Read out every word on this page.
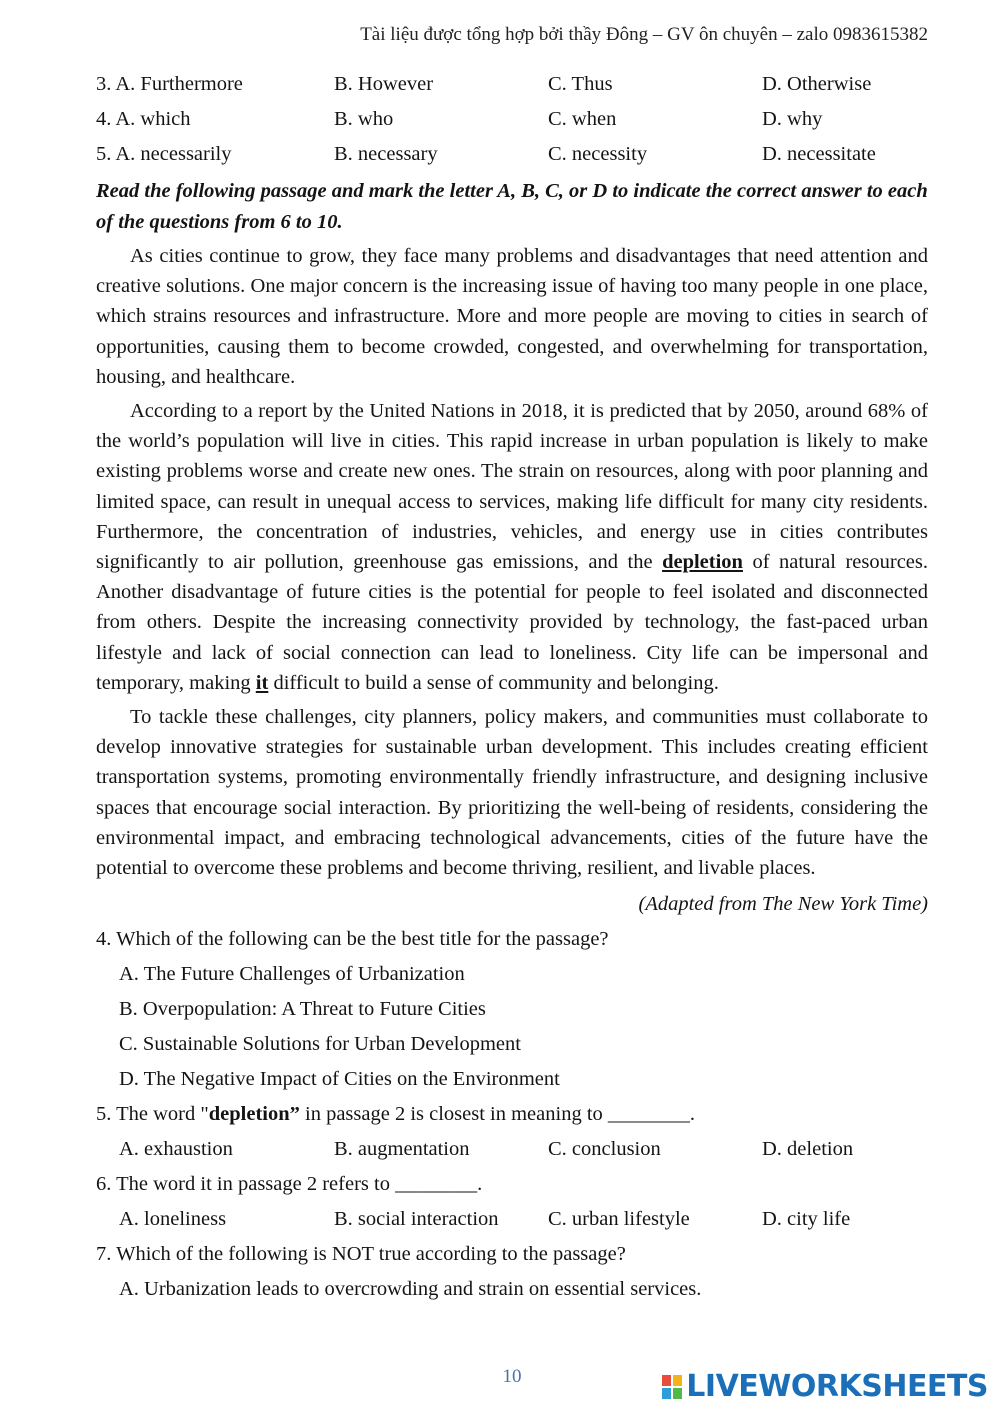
Tài liệu được tổng hợp bởi thầy Đông – GV ôn chuyên – zalo 0983615382
3. A. Furthermore	B. However	C. Thus	D. Otherwise
4. A. which	B. who	C. when	D. why
5. A. necessarily	B. necessary	C. necessity	D. necessitate
Read the following passage and mark the letter A, B, C, or D to indicate the correct answer to each of the questions from 6 to 10.

As cities continue to grow, they face many problems and disadvantages that need attention and creative solutions. One major concern is the increasing issue of having too many people in one place, which strains resources and infrastructure. More and more people are moving to cities in search of opportunities, causing them to become crowded, congested, and overwhelming for transportation, housing, and healthcare.

According to a report by the United Nations in 2018, it is predicted that by 2050, around 68% of the world’s population will live in cities. This rapid increase in urban population is likely to make existing problems worse and create new ones. The strain on resources, along with poor planning and limited space, can result in unequal access to services, making life difficult for many city residents. Furthermore, the concentration of industries, vehicles, and energy use in cities contributes significantly to air pollution, greenhouse gas emissions, and the depletion of natural resources. Another disadvantage of future cities is the potential for people to feel isolated and disconnected from others. Despite the increasing connectivity provided by technology, the fast-paced urban lifestyle and lack of social connection can lead to loneliness. City life can be impersonal and temporary, making it difficult to build a sense of community and belonging.

To tackle these challenges, city planners, policy makers, and communities must collaborate to develop innovative strategies for sustainable urban development. This includes creating efficient transportation systems, promoting environmentally friendly infrastructure, and designing inclusive spaces that encourage social interaction. By prioritizing the well-being of residents, considering the environmental impact, and embracing technological advancements, cities of the future have the potential to overcome these problems and become thriving, resilient, and livable places.

(Adapted from The New York Time)
4. Which of the following can be the best title for the passage?
A. The Future Challenges of Urbanization
B. Overpopulation: A Threat to Future Cities
C. Sustainable Solutions for Urban Development
D. The Negative Impact of Cities on the Environment
5. The word "depletion” in passage 2 is closest in meaning to ________.
A. exhaustion	B. augmentation	C. conclusion	D. deletion
6. The word it in passage 2 refers to ________.
A. loneliness	B. social interaction	C. urban lifestyle	D. city life
7. Which of the following is NOT true according to the passage?
A. Urbanization leads to overcrowding and strain on essential services.
10	LIVEWORKSHEETS
